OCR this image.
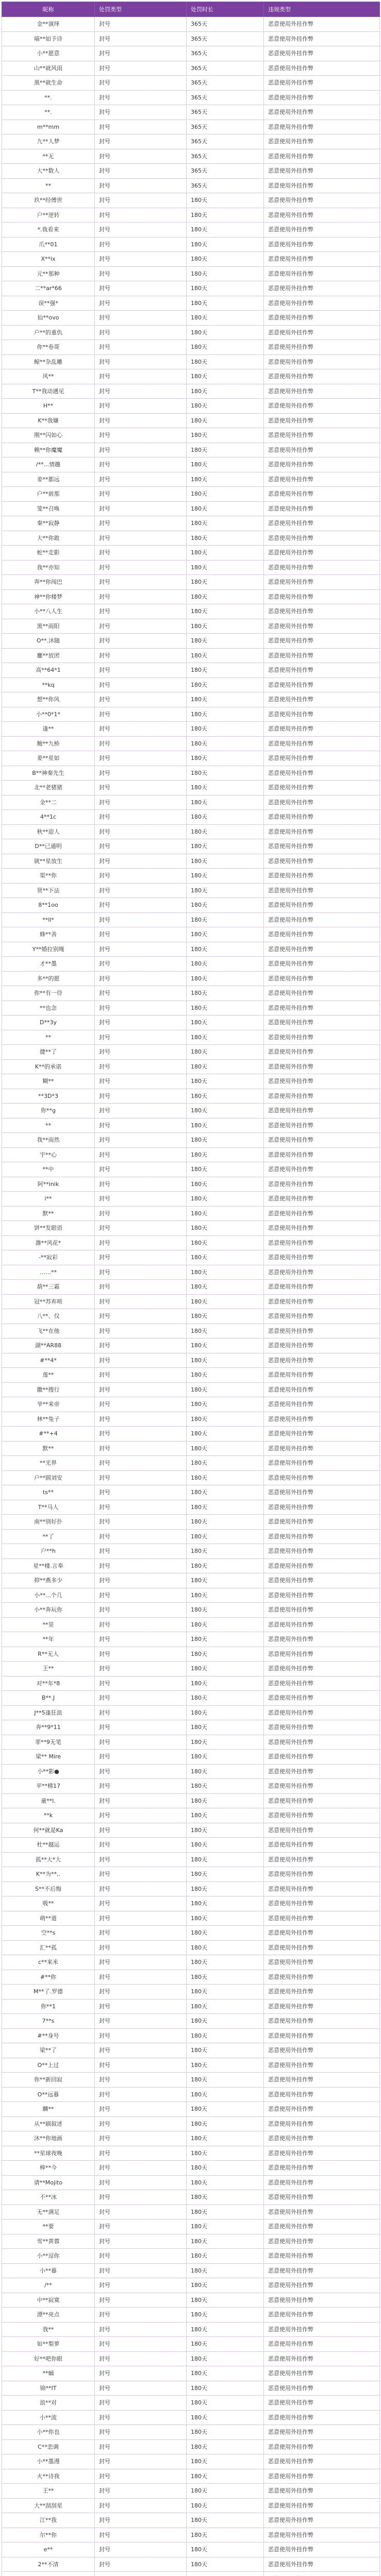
昵称	处罚类型	处罚时长	违规类型
金**演绎	封号	365天	恶意使用外挂作弊
喵**如予诗	封号	365天	恶意使用外挂作弊
小**愿意	封号	365天	恶意使用外挂作弊
山**就风雨	封号	365天	恶意使用外挂作弊
黑**就生命	封号	365天	恶意使用外挂作弊
**.	封号	365天	恶意使用外挂作弊
**.	封号	365天	恶意使用外挂作弊
m**mm	封号	365天	恶意使用外挂作弊
九**人梦	封号	365天	恶意使用外挂作弊
**无	封号	365天	恶意使用外挂作弊
大**数人	封号	365天	恶意使用外挂作弊
**	封号	365天	恶意使用外挂作弊
玖**经傅世	封号	180天	恶意使用外挂作弊
户**逆转	封号	180天	恶意使用外挂作弊
*.我看来	封号	180天	恶意使用外挂作弊
爪**01	封号	180天	恶意使用外挂作弊
X**ix	封号	180天	恶意使用外挂作弊
元**那种	封号	180天	恶意使用外挂作弊
二**ar*66	封号	180天	恶意使用外挂作弊
误**强*	封号	180天	恶意使用外挂作弊
仙**ovo	封号	180天	恶意使用外挂作弊
户**的重仇	封号	180天	恶意使用外挂作弊
你**卷哥	封号	180天	恶意使用外挂作弊
鲸**杂乱雕	封号	180天	恶意使用外挂作弊
风**	封号	180天	恶意使用外挂作弊
T**我动遇见	封号	180天	恶意使用外挂作弊
H**	封号	180天	恶意使用外挂作弊
K**我嫌	封号	180天	恶意使用外挂作弊
刚**闪如心	封号	180天	恶意使用外挂作弊
赖**你魔魔	封号	180天	恶意使用外挂作弊
/**...情趣	封号	180天	恶意使用外挂作弊
姜**都远	封号	180天	恶意使用外挂作弊
户**前那	封号	180天	恶意使用外挂作弊
笼**召唤	封号	180天	恶意使用外挂作弊
秦**寂静	封号	180天	恶意使用外挂作弊
大**你敢	封号	180天	恶意使用外挂作弊
蛇**走影	封号	180天	恶意使用外挂作弊
我**亦知	封号	180天	恶意使用外挂作弊
奔**你闯巴	封号	180天	恶意使用外挂作弊
神**你楼梦	封号	180天	恶意使用外挂作弊
小**八人生	封号	180天	恶意使用外挂作弊
黑**雨阳	封号	180天	恶意使用外挂作弊
O**.沐随	封号	180天	恶意使用外挂作弊
鏖**放团	封号	180天	恶意使用外挂作弊
高**64*1	封号	180天	恶意使用外挂作弊
**kq	封号	180天	恶意使用外挂作弊
想**你风	封号	180天	恶意使用外挂作弊
小**0*1*	封号	180天	恶意使用外挂作弊
逢**	封号	180天	恶意使用外挂作弊
鲍**九桥	封号	180天	恶意使用外挂作弊
姜**星如	封号	180天	恶意使用外挂作弊
B**神秦先生	封号	180天	恶意使用外挂作弊
北**老猪猪	封号	180天	恶意使用外挂作弊
金**二	封号	180天	恶意使用外挂作弊
4**1c	封号	180天	恶意使用外挂作弊
秋**迎人	封号	180天	恶意使用外挂作弊
D**已通明	封号	180天	恶意使用外挂作弊
就**星放生	封号	180天	恶意使用外挂作弊
渠**你	封号	180天	恶意使用外挂作弊
贤**下法	封号	180天	恶意使用外挂作弊
8**1oo	封号	180天	恶意使用外挂作弊
**ll*	封号	180天	恶意使用外挂作弊
蜂**善	封号	180天	恶意使用外挂作弊
Y**婚拉别绳	封号	180天	恶意使用外挂作弊
才**墨	封号	180天	恶意使用外挂作弊
多**的愿	封号	180天	恶意使用外挂作弊
你**有一侍	封号	180天	恶意使用外挂作弊
**也念	封号	180天	恶意使用外挂作弊
D**3y	封号	180天	恶意使用外挂作弊
**	封号	180天	恶意使用外挂作弊
捷**了	封号	180天	恶意使用外挂作弊
K**的承诺	封号	180天	恶意使用外挂作弊
糊**	封号	180天	恶意使用外挂作弊
**3D*3	封号	180天	恶意使用外挂作弊
你**g	封号	180天	恶意使用外挂作弊
**	封号	180天	恶意使用外挂作弊
我**雨然	封号	180天	恶意使用外挂作弊
宇**心	封号	180天	恶意使用外挂作弊
**中	封号	180天	恶意使用外挂作弊
阿**inik	封号	180天	恶意使用外挂作弊
i**	封号	180天	恶意使用外挂作弊
默**	封号	180天	恶意使用外挂作弊
饼**发眼语	封号	180天	恶意使用外挂作弊
潍**风花*	封号	180天	恶意使用外挂作弊
-**寂彩	封号	180天	恶意使用外挂作弊
……**	封号	180天	恶意使用外挂作弊
葫**三霜	封号	180天	恶意使用外挂作弊
冠**苏弃唢	封号	180天	恶意使用外挂作弊
八**、仅	封号	180天	恶意使用外挂作弊
飞**在他	封号	180天	恶意使用外挂作弊
湖**AR88	封号	180天	恶意使用外挂作弊
#**4*	封号	180天	恶意使用外挂作弊
莲**	封号	180天	恶意使用外挂作弊
撒**搜行	封号	180天	恶意使用外挂作弊
爷**来帝	封号	180天	恶意使用外挂作弊
林**兔子	封号	180天	恶意使用外挂作弊
#**+4	封号	180天	恶意使用外挂作弊
默**	封号	180天	恶意使用外挂作弊
**光界	封号	180天	恶意使用外挂作弊
户**圆刘安	封号	180天	恶意使用外挂作弊
ts**	封号	180天	恶意使用外挂作弊
T**马人	封号	180天	恶意使用外挂作弊
南**别好扑	封号	180天	恶意使用外挂作弊
**了	封号	180天	恶意使用外挂作弊
户**h	封号	180天	恶意使用外挂作弊
星**楼.言奉	封号	180天	恶意使用外挂作弊
抑**燕多少	封号	180天	恶意使用外挂作弊
小**...个几	封号	180天	恶意使用外挂作弊
小**奔玩你	封号	180天	恶意使用外挂作弊
**里	封号	180天	恶意使用外挂作弊
**年	封号	180天	恶意使用外挂作弊
R**无人	封号	180天	恶意使用外挂作弊
王**	封号	180天	恶意使用外挂作弊
对**年*8	封号	180天	恶意使用外挂作弊
B**.J	封号	180天	恶意使用外挂作弊
J**5逢狂浪	封号	180天	恶意使用外挂作弊
奔**9*11	封号	180天	恶意使用外挂作弊
菲**9无笔	封号	180天	恶意使用外挂作弊
梁** Mire	封号	180天	恶意使用外挂作弊
小**影●	封号	180天	恶意使用外挂作弊
苹**梯17	封号	180天	恶意使用外挂作弊
童**l.	封号	180天	恶意使用外挂作弊
**k	封号	180天	恶意使用外挂作弊
何**就是Ka	封号	180天	恶意使用外挂作弊
杜**越运	封号	180天	恶意使用外挂作弊
孤**大*大	封号	180天	恶意使用外挂作弊
K**为**,.	封号	180天	恶意使用外挂作弊
S**不后悔	封号	180天	恶意使用外挂作弊
吸**	封号	180天	恶意使用外挂作弊
萌**道	封号	180天	恶意使用外挂作弊
空**s	封号	180天	恶意使用外挂作弊
汇**孤	封号	180天	恶意使用外挂作弊
c**来米	封号	180天	恶意使用外挂作弊
#**你	封号	180天	恶意使用外挂作弊
M**了.罗德	封号	180天	恶意使用外挂作弊
你**1	封号	180天	恶意使用外挂作弊
7**s	封号	180天	恶意使用外挂作弊
#**身号	封号	180天	恶意使用外挂作弊
梁**了	封号	180天	恶意使用外挂作弊
O**上过	封号	180天	恶意使用外挂作弊
你**新回寂	封号	180天	恶意使用外挂作弊
O**远暮	封号	180天	恶意使用外挂作弊
麟**	封号	180天	恶意使用外挂作弊
从**刷叙述	封号	180天	恶意使用外挂作弊
沐**你地画	封号	180天	恶意使用外挂作弊
**星球夜晚	封号	180天	恶意使用外挂作弊
棒**今	封号	180天	恶意使用外挂作弊
请**Mojito	封号	180天	恶意使用外挂作弊
不**冰	封号	180天	恶意使用外挂作弊
无**满足	封号	180天	恶意使用外挂作弊
**要	封号	180天	恶意使用外挂作弊
雪**黄蓉	封号	180天	恶意使用外挂作弊
小**逗你	封号	180天	恶意使用外挂作弊
小**暮	封号	180天	恶意使用外挂作弊
/**	封号	180天	恶意使用外挂作弊
中**寂寞	封号	180天	恶意使用外挂作弊
漂**亮点	封号	180天	恶意使用外挂作弊
我**	封号	180天	恶意使用外挂作弊
如**梨萝	封号	180天	恶意使用外挂作弊
好**吧你眼	封号	180天	恶意使用外挂作弊
**蛹	封号	180天	恶意使用外挂作弊
锦**IT	封号	180天	恶意使用外挂作弊
浪**对	封号	180天	恶意使用外挂作弊
小**流	封号	180天	恶意使用外挂作弊
小**你也	封号	180天	恶意使用外挂作弊
C**恋调	封号	180天	恶意使用外挂作弊
小**墨漫	封号	180天	恶意使用外挂作弊
火**诗我	封号	180天	恶意使用外挂作弊
王**	封号	180天	恶意使用外挂作弊
大**刮刮星	封号	180天	恶意使用外挂作弊
江**我	封号	180天	恶意使用外挂作弊
尔**你	封号	180天	恶意使用外挂作弊
e**	封号	180天	恶意使用外挂作弊
2**不清	封号	180天	恶意使用外挂作弊
